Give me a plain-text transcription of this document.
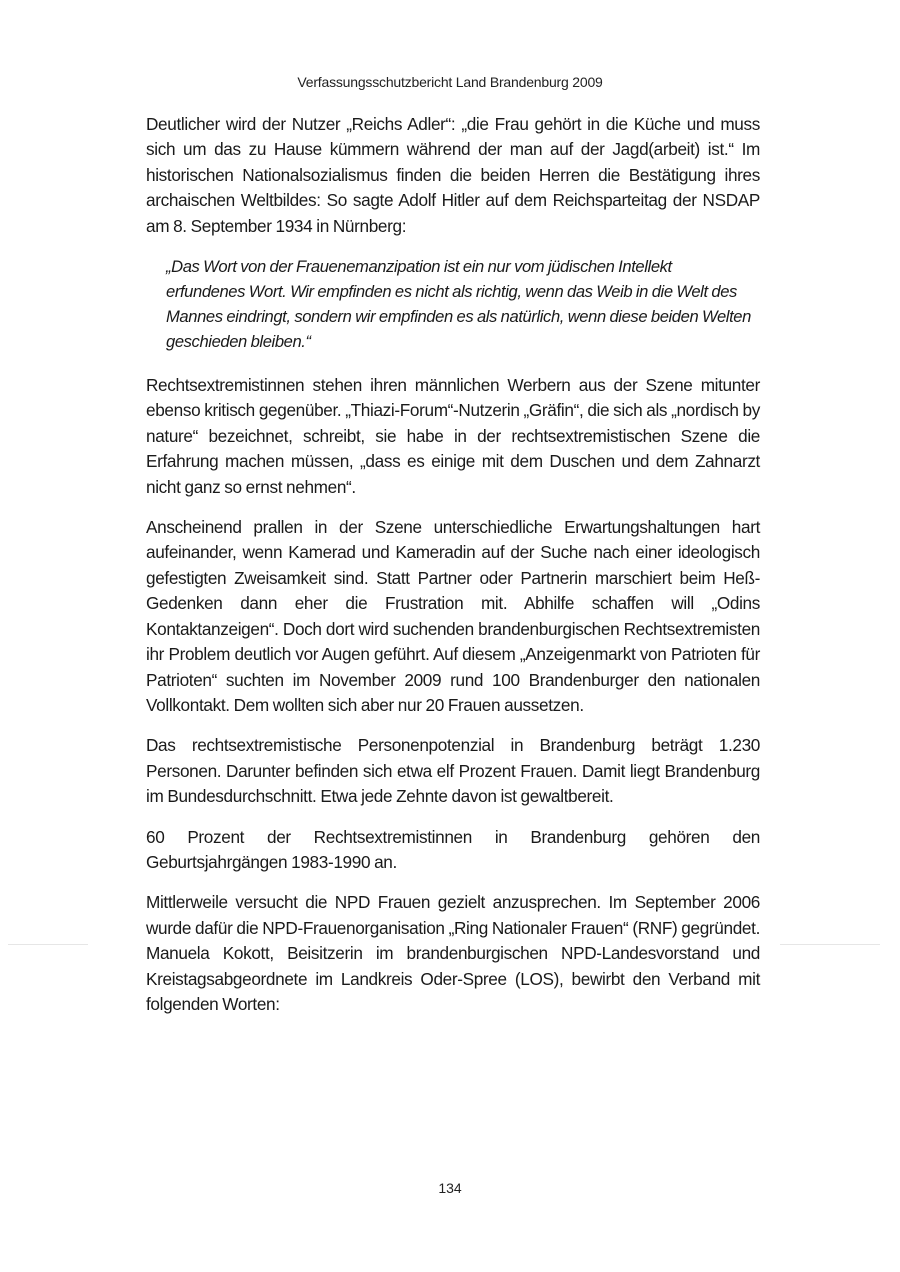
Verfassungsschutzbericht Land Brandenburg 2009

Deutlicher wird der Nutzer „Reichs Adler“: „die Frau gehört in die Küche und muss sich um das zu Hause kümmern während der man auf der Jagd(arbeit) ist.“ Im historischen Nationalsozialismus finden die beiden Herren die Bestätigung ihres archaischen Weltbildes: So sagte Adolf Hitler auf dem Reichsparteitag der NSDAP am 8. September 1934 in Nürnberg:

„Das Wort von der Frauenemanzipation ist ein nur vom jüdischen Intellekt erfundenes Wort. Wir empfinden es nicht als richtig, wenn das Weib in die Welt des Mannes eindringt, sondern wir empfinden es als natürlich, wenn diese beiden Welten geschieden bleiben.“

Rechtsextremistinnen stehen ihren männlichen Werbern aus der Szene mitunter ebenso kritisch gegenüber. „Thiazi-Forum“-Nutzerin „Gräfin“, die sich als „nordisch by nature“ bezeichnet, schreibt, sie habe in der rechtsextremistischen Szene die Erfahrung machen müssen, „dass es einige mit dem Duschen und dem Zahnarzt nicht ganz so ernst nehmen“.

Anscheinend prallen in der Szene unterschiedliche Erwartungshaltungen hart aufeinander, wenn Kamerad und Kameradin auf der Suche nach einer ideologisch gefestigten Zweisamkeit sind. Statt Partner oder Partnerin marschiert beim Heß-Gedenken dann eher die Frustration mit. Abhilfe schaffen will „Odins Kontaktanzeigen“. Doch dort wird suchenden brandenburgischen Rechtsextremisten ihr Problem deutlich vor Augen geführt. Auf diesem „Anzeigenmarkt von Patrioten für Patrioten“ suchten im November 2009 rund 100 Brandenburger den nationalen Vollkontakt. Dem wollten sich aber nur 20 Frauen aussetzen.

Das rechtsextremistische Personenpotenzial in Brandenburg beträgt 1.230 Personen. Darunter befinden sich etwa elf Prozent Frauen. Damit liegt Brandenburg im Bundesdurchschnitt. Etwa jede Zehnte davon ist gewaltbereit.

60 Prozent der Rechtsextremistinnen in Brandenburg gehören den Geburtsjahrgängen 1983-1990 an.

Mittlerweile versucht die NPD Frauen gezielt anzusprechen. Im September 2006 wurde dafür die NPD-Frauenorganisation „Ring Nationaler Frauen“ (RNF) gegründet. Manuela Kokott, Beisitzerin im brandenburgischen NPD-Landesvorstand und Kreistagsabgeordnete im Landkreis Oder-Spree (LOS), bewirbt den Verband mit folgenden Worten:

134
